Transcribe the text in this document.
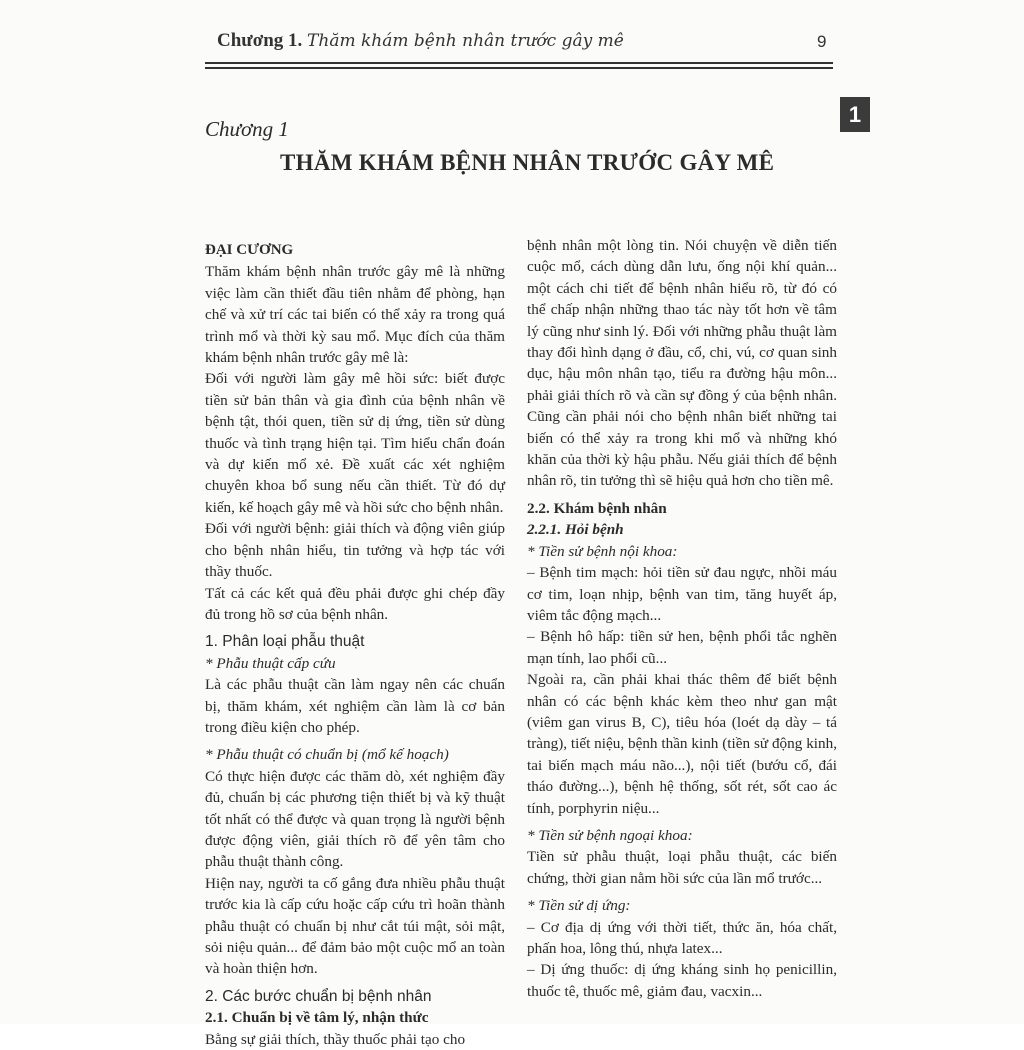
Chương 1. Thăm khám bệnh nhân trước gây mê	9
1
Chương 1
THĂM KHÁM BỆNH NHÂN TRƯỚC GÂY MÊ

ĐẠI CƯƠNG

Thăm khám bệnh nhân trước gây mê là những việc làm cần thiết đầu tiên nhằm để phòng, hạn chế và xử trí các tai biến có thể xảy ra trong quá trình mổ và thời kỳ sau mổ. Mục đích của thăm khám bệnh nhân trước gây mê là:

Đối với người làm gây mê hồi sức: biết được tiền sử bản thân và gia đình của bệnh nhân về bệnh tật, thói quen, tiền sử dị ứng, tiền sử dùng thuốc và tình trạng hiện tại. Tìm hiểu chẩn đoán và dự kiến mổ xẻ. Đề xuất các xét nghiệm chuyên khoa bổ sung nếu cần thiết. Từ đó dự kiến, kế hoạch gây mê và hồi sức cho bệnh nhân.

Đối với người bệnh: giải thích và động viên giúp cho bệnh nhân hiểu, tin tưởng và hợp tác với thầy thuốc.

Tất cả các kết quả đều phải được ghi chép đầy đủ trong hồ sơ của bệnh nhân.

1. Phân loại phẫu thuật

* Phẫu thuật cấp cứu

Là các phẫu thuật cần làm ngay nên các chuẩn bị, thăm khám, xét nghiệm cần làm là cơ bản trong điều kiện cho phép.

* Phẫu thuật có chuẩn bị (mổ kế hoạch)

Có thực hiện được các thăm dò, xét nghiệm đầy đủ, chuẩn bị các phương tiện thiết bị và kỹ thuật tốt nhất có thể được và quan trọng là người bệnh được động viên, giải thích rõ để yên tâm cho phẫu thuật thành công.

Hiện nay, người ta cố gắng đưa nhiều phẫu thuật trước kia là cấp cứu hoặc cấp cứu trì hoãn thành phẫu thuật có chuẩn bị như cắt túi mật, sỏi mật, sỏi niệu quản... để đảm bảo một cuộc mổ an toàn và hoàn thiện hơn.

2. Các bước chuẩn bị bệnh nhân

2.1. Chuẩn bị về tâm lý, nhận thức

Bằng sự giải thích, thầy thuốc phải tạo cho

bệnh nhân một lòng tin. Nói chuyện về diễn tiến cuộc mổ, cách dùng dẫn lưu, ống nội khí quản... một cách chi tiết để bệnh nhân hiểu rõ, từ đó có thể chấp nhận những thao tác này tốt hơn về tâm lý cũng như sinh lý. Đối với những phẫu thuật làm thay đổi hình dạng ở đầu, cổ, chi, vú, cơ quan sinh dục, hậu môn nhân tạo, tiểu ra đường hậu môn... phải giải thích rõ và cần sự đồng ý của bệnh nhân. Cũng cần phải nói cho bệnh nhân biết những tai biến có thể xảy ra trong khi mổ và những khó khăn của thời kỳ hậu phẫu. Nếu giải thích để bệnh nhân rõ, tin tưởng thì sẽ hiệu quả hơn cho tiền mê.

2.2. Khám bệnh nhân

2.2.1. Hỏi bệnh

* Tiền sử bệnh nội khoa:

– Bệnh tim mạch: hỏi tiền sử đau ngực, nhồi máu cơ tim, loạn nhịp, bệnh van tim, tăng huyết áp, viêm tắc động mạch...

– Bệnh hô hấp: tiền sử hen, bệnh phổi tắc nghẽn mạn tính, lao phổi cũ...

Ngoài ra, cần phải khai thác thêm để biết bệnh nhân có các bệnh khác kèm theo như gan mật (viêm gan virus B, C), tiêu hóa (loét dạ dày – tá tràng), tiết niệu, bệnh thần kinh (tiền sử động kinh, tai biến mạch máu não...), nội tiết (bướu cổ, đái tháo đường...), bệnh hệ thống, sốt rét, sốt cao ác tính, porphyrin niệu...

* Tiền sử bệnh ngoại khoa:

Tiền sử phẫu thuật, loại phẫu thuật, các biến chứng, thời gian nằm hồi sức của lần mổ trước...

* Tiền sử dị ứng:

– Cơ địa dị ứng với thời tiết, thức ăn, hóa chất, phấn hoa, lông thú, nhựa latex...

– Dị ứng thuốc: dị ứng kháng sinh họ penicillin, thuốc tê, thuốc mê, giảm đau, vacxin...
